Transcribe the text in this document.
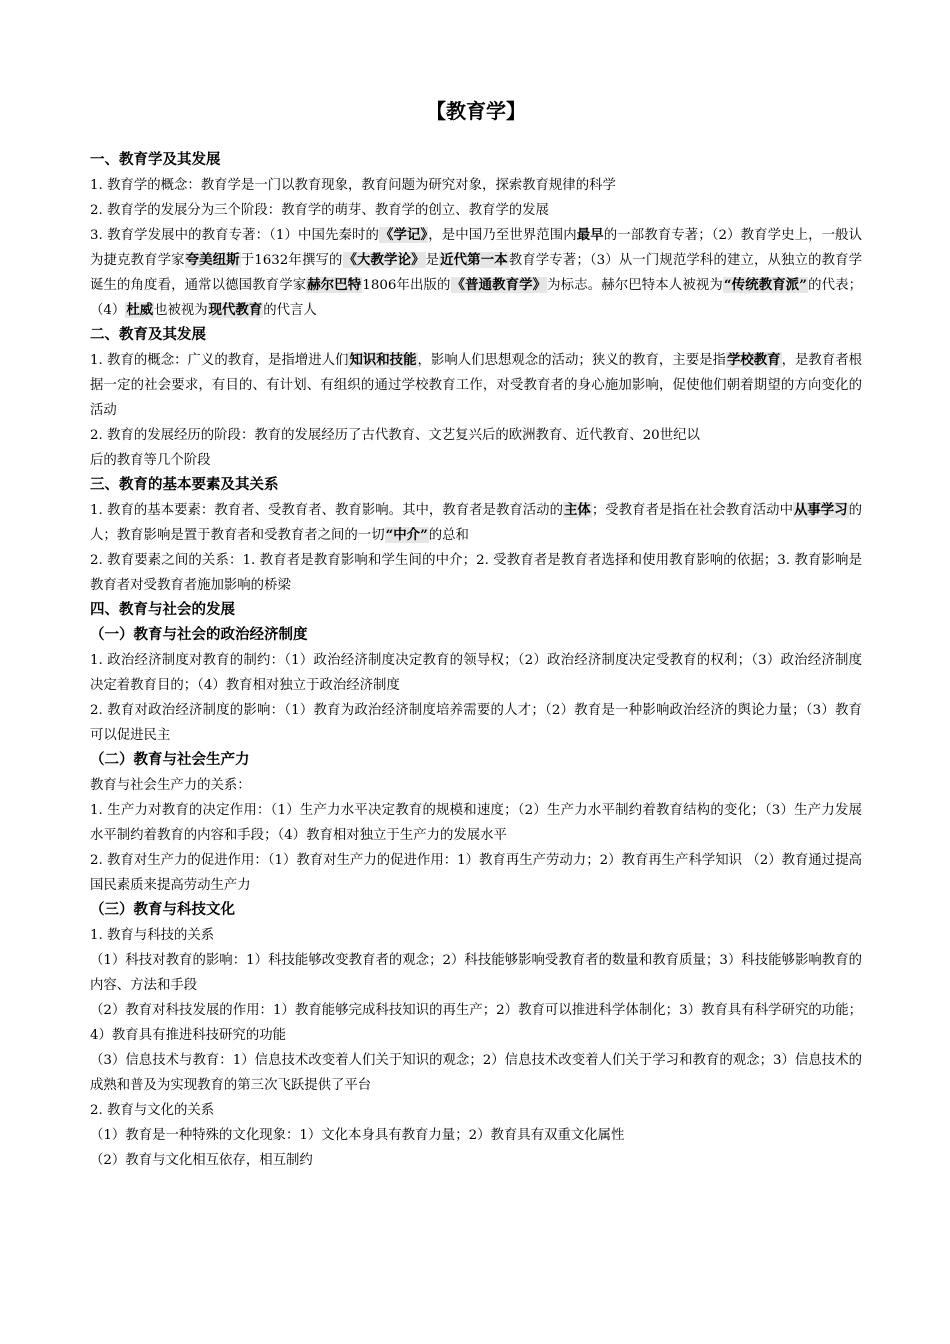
【教育学】
一、教育学及其发展

1. 教育学的概念：教育学是一门以教育现象，教育问题为研究对象，探索教育规律的科学

2. 教育学的发展分为三个阶段：教育学的萌芽、教育学的创立、教育学的发展

3. 教育学发展中的教育专著：（1）中国先秦时的《学记》，是中国乃至世界范围内最早的一部教育专著；（2）教育学史上，一般认为捷克教育学家夸美纽斯于1632年撰写的《大教学论》是近代第一本教育学专著；（3）从一门规范学科的建立，从独立的教育学诞生的角度看，通常以德国教育学家赫尔巴特1806年出版的《普通教育学》为标志。赫尔巴特本人被视为“传统教育派”的代表；（4）杜威也被视为现代教育的代言人

二、教育及其发展

1. 教育的概念：广义的教育，是指增进人们知识和技能，影响人们思想观念的活动；狭义的教育，主要是指学校教育，是教育者根据一定的社会要求，有目的、有计划、有组织的通过学校教育工作，对受教育者的身心施加影响，促使他们朝着期望的方向变化的活动

2. 教育的发展经历的阶段：教育的发展经历了古代教育、文艺复兴后的欧洲教育、近代教育、20世纪以

后的教育等几个阶段

三、教育的基本要素及其关系

1. 教育的基本要素：教育者、受教育者、教育影响。其中，教育者是教育活动的主体；受教育者是指在社会教育活动中从事学习的人；教育影响是置于教育者和受教育者之间的一切“中介”的总和

2. 教育要素之间的关系：1. 教育者是教育影响和学生间的中介；2. 受教育者是教育者选择和使用教育影响的依据；3. 教育影响是教育者对受教育者施加影响的桥梁

四、教育与社会的发展
（一）教育与社会的政治经济制度

1. 政治经济制度对教育的制约：（1）政治经济制度决定教育的领导权；（2）政治经济制度决定受教育的权利；（3）政治经济制度决定着教育目的；（4）教育相对独立于政治经济制度

2. 教育对政治经济制度的影响：（1）教育为政治经济制度培养需要的人才；（2）教育是一种影响政治经济的舆论力量；（3）教育可以促进民主

（二）教育与社会生产力

教育与社会生产力的关系：

1. 生产力对教育的决定作用：（1）生产力水平决定教育的规模和速度；（2）生产力水平制约着教育结构的变化；（3）生产力发展水平制约着教育的内容和手段；（4）教育相对独立于生产力的发展水平

2. 教育对生产力的促进作用：（1）教育对生产力的促进作用：1）教育再生产劳动力；2）教育再生产科学知识 （2）教育通过提高国民素质来提高劳动生产力

（三）教育与科技文化

1. 教育与科技的关系

（1）科技对教育的影响：1）科技能够改变教育者的观念；2）科技能够影响受教育者的数量和教育质量；3）科技能够影响教育的内容、方法和手段

（2）教育对科技发展的作用：1）教育能够完成科技知识的再生产；2）教育可以推进科学体制化；3）教育具有科学研究的功能；4）教育具有推进科技研究的功能

（3）信息技术与教育：1）信息技术改变着人们关于知识的观念；2）信息技术改变着人们关于学习和教育的观念；3）信息技术的成熟和普及为实现教育的第三次飞跃提供了平台

2. 教育与文化的关系

（1）教育是一种特殊的文化现象：1）文化本身具有教育力量；2）教育具有双重文化属性

（2）教育与文化相互依存，相互制约
